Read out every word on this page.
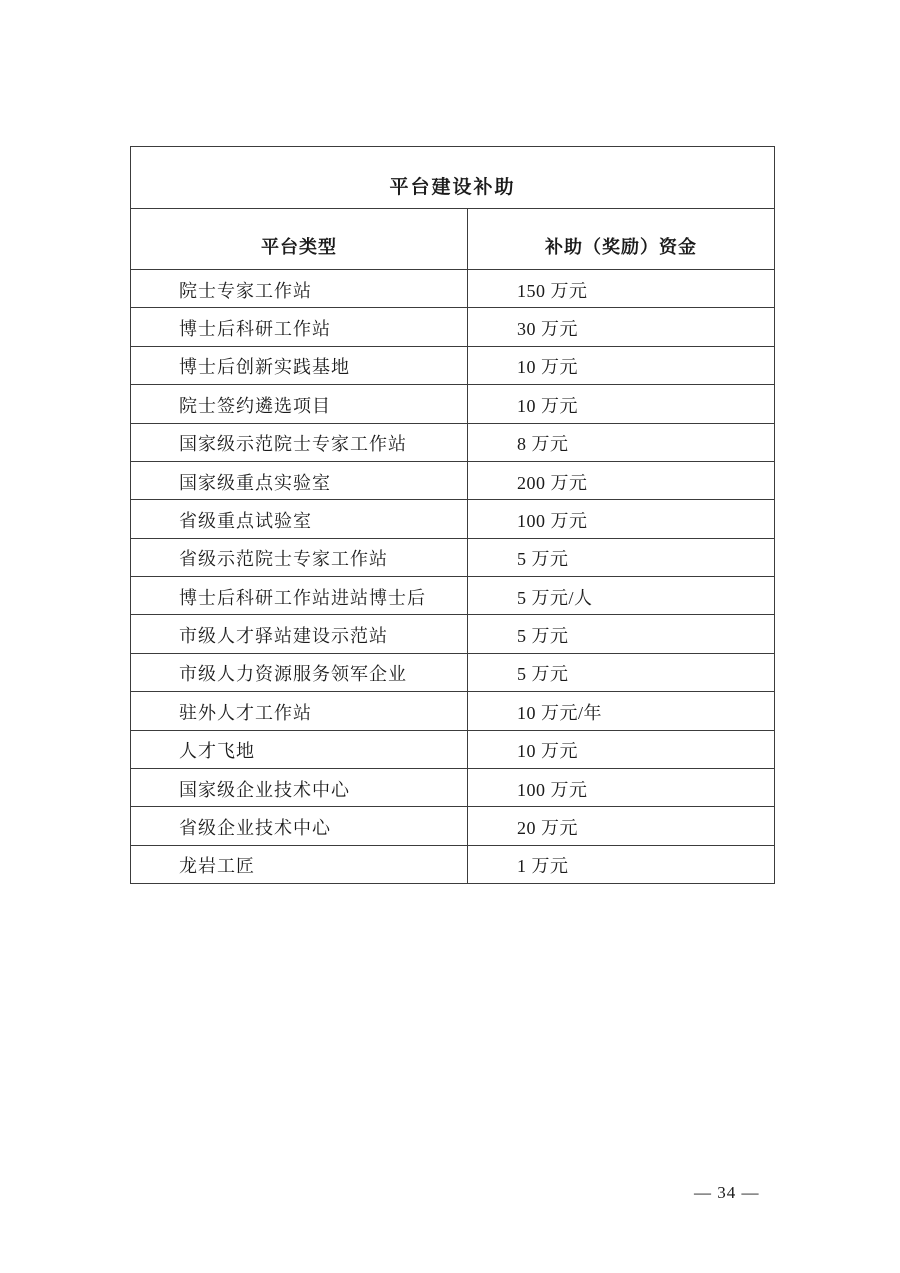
平台建设补助
平台类型	补助（奖励）资金
院士专家工作站	150 万元
博士后科研工作站	30 万元
博士后创新实践基地	10 万元
院士签约遴选项目	10 万元
国家级示范院士专家工作站	8 万元
国家级重点实验室	200 万元
省级重点试验室	100 万元
省级示范院士专家工作站	5 万元
博士后科研工作站进站博士后	5 万元/人
市级人才驿站建设示范站	5 万元
市级人力资源服务领军企业	5 万元
驻外人才工作站	10 万元/年
人才飞地	10 万元
国家级企业技术中心	100 万元
省级企业技术中心	20 万元
龙岩工匠	1 万元
— 34 —
